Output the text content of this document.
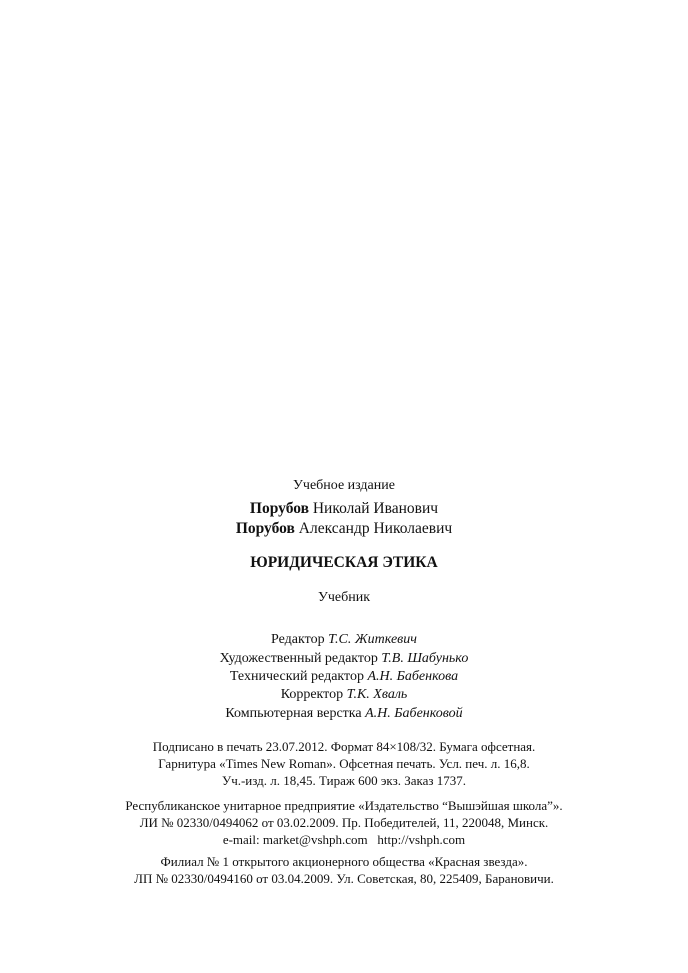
Учебное издание
Порубов Николай Иванович
Порубов Александр Николаевич
ЮРИДИЧЕСКАЯ ЭТИКА
Учебник
Редактор Т.С. Житкевич
Художественный редактор Т.В. Шабунько
Технический редактор А.Н. Бабенкова
Корректор Т.К. Хваль
Компьютерная верстка А.Н. Бабенковой
Подписано в печать 23.07.2012. Формат 84×108/32. Бумага офсетная.
Гарнитура «Times New Roman». Офсетная печать. Усл. печ. л. 16,8.
Уч.-изд. л. 18,45. Тираж 600 экз. Заказ 1737.
Республиканское унитарное предприятие «Издательство “Вышэйшая школа”».
ЛИ № 02330/0494062 от 03.02.2009. Пр. Победителей, 11, 220048, Минск.
e-mail: market@vshph.com   http://vshph.com
Филиал № 1 открытого акционерного общества «Красная звезда».
ЛП № 02330/0494160 от 03.04.2009. Ул. Советская, 80, 225409, Барановичи.
